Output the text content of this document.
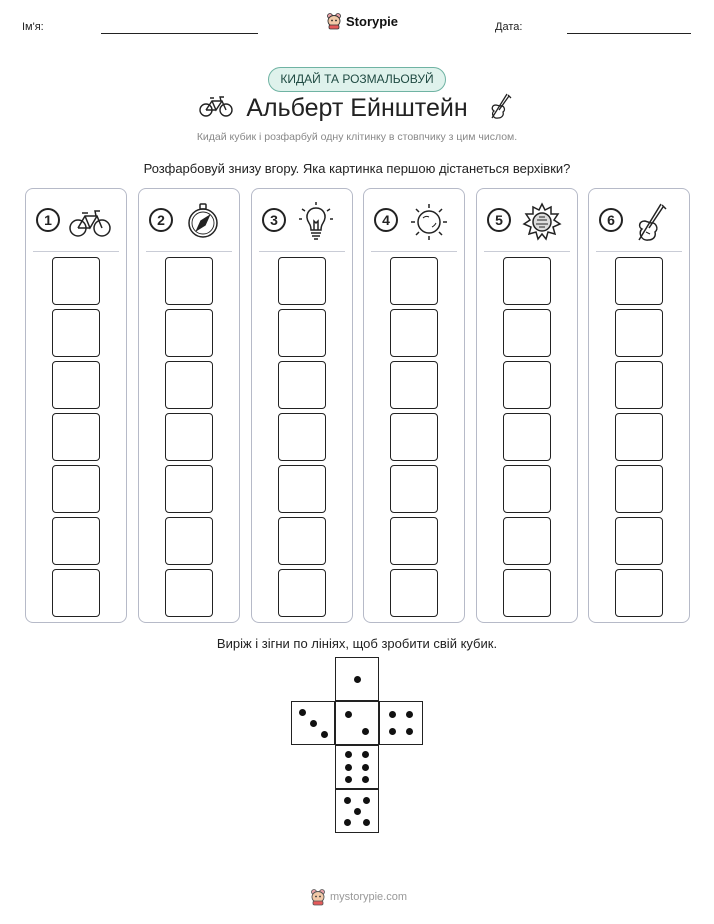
Ім'я:	Storypie	Дата:
КИДАЙ ТА РОЗМАЛЬОВУЙ
Альберт Ейнштейн
Кидай кубик і розфарбуй одну клітинку в стовпчику з цим числом.
Розфарбовуй знизу вгору. Яка картинка першою дістанеться верхівки?
1	2	3	4	5	6
Виріж і зігни по лініях, щоб зробити свій кубик.
mystorypie.com
